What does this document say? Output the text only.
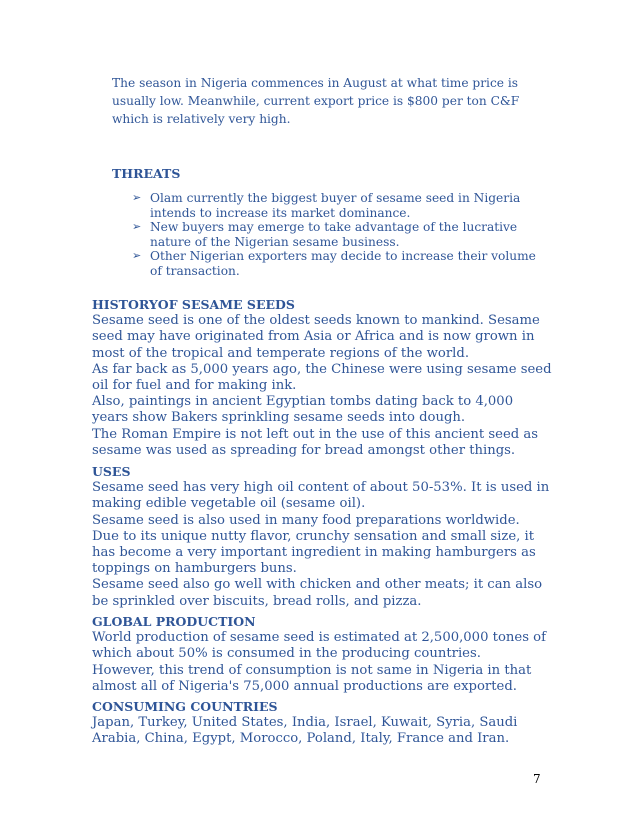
The season in Nigeria commences in August at what time price is usually low. Meanwhile, current export price is $800 per ton C&F which is relatively very high.

THREATS
➢ Olam currently the biggest buyer of sesame seed in Nigeria intends to increase its market dominance.
➢ New buyers may emerge to take advantage of the lucrative nature of the Nigerian sesame business.
➢ Other Nigerian exporters may decide to increase their volume of transaction.
HISTORYOF SESAME SEEDS

Sesame seed is one of the oldest seeds known to mankind. Sesame seed may have originated from Asia or Africa and is now grown in most of the tropical and temperate regions of the world.

As far back as 5,000 years ago, the Chinese were using sesame seed oil for fuel and for making ink.

Also, paintings in ancient Egyptian tombs dating back to 4,000 years show Bakers sprinkling sesame seeds into dough.

The Roman Empire is not left out in the use of this ancient seed as sesame was used as spreading for bread amongst other things.

USES

Sesame seed has very high oil content of about 50-53%. It is used in making edible vegetable oil (sesame oil).

Sesame seed is also used in many food preparations worldwide.

Due to its unique nutty flavor, crunchy sensation and small size, it has become a very important ingredient in making hamburgers as toppings on hamburgers buns.

Sesame seed also go well with chicken and other meats; it can also be sprinkled over biscuits, bread rolls, and pizza.

GLOBAL PRODUCTION

World production of sesame seed is estimated at 2,500,000 tones of which about 50% is consumed in the producing countries.

However, this trend of consumption is not same in Nigeria in that almost all of Nigeria's 75,000 annual productions are exported.

CONSUMING COUNTRIES

Japan, Turkey, United States, India, Israel, Kuwait, Syria, Saudi Arabia, China, Egypt, Morocco, Poland, Italy, France and Iran.

7
